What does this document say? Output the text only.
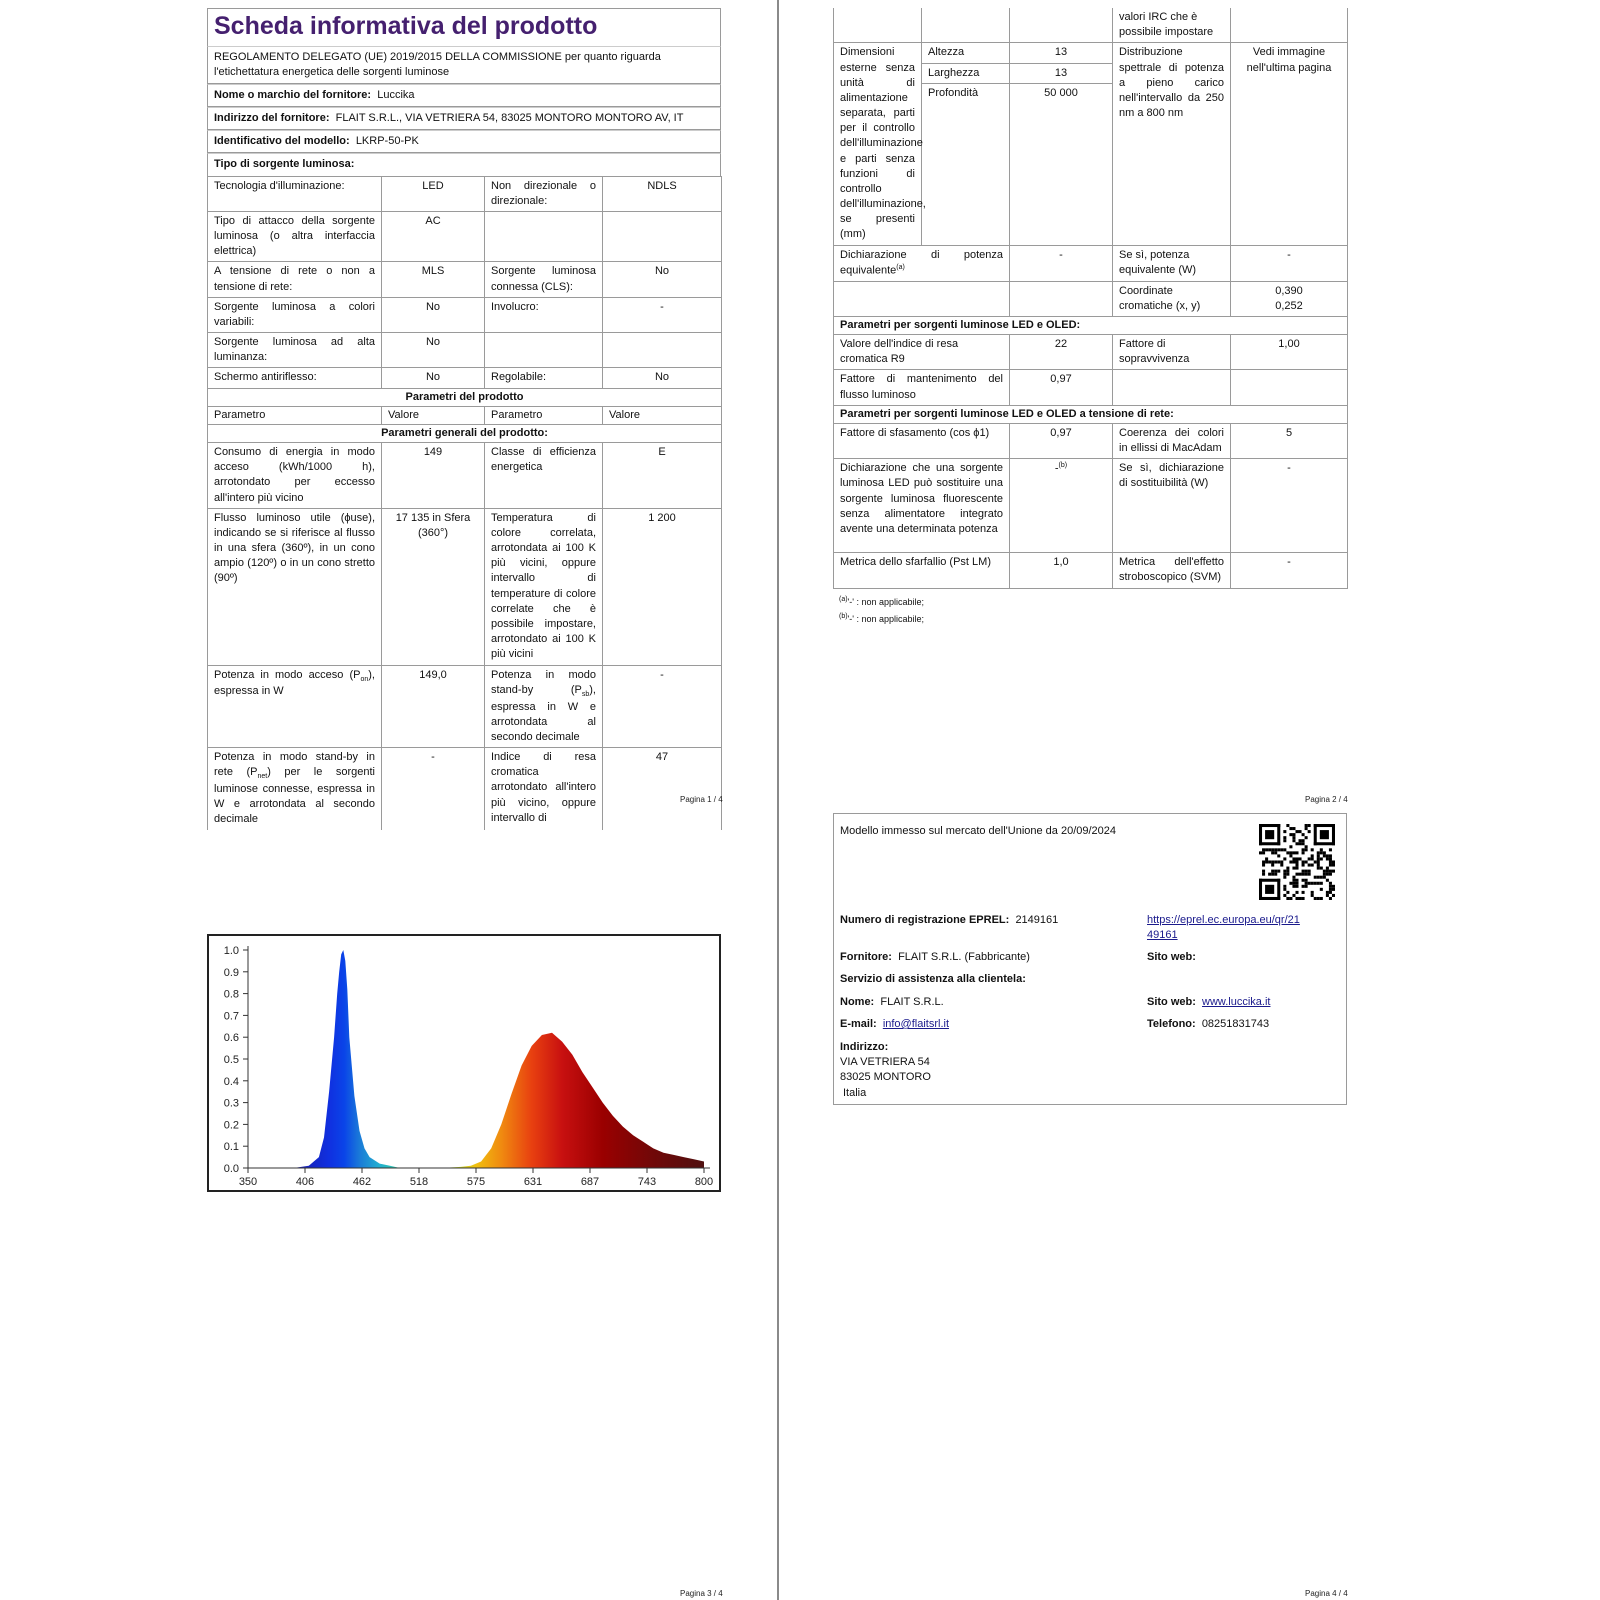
Scheda informativa del prodotto
REGOLAMENTO DELEGATO (UE) 2019/2015 DELLA COMMISSIONE per quanto riguarda l'etichettatura energetica delle sorgenti luminose
Nome o marchio del fornitore: Luccika
Indirizzo del fornitore: FLAIT S.R.L., VIA VETRIERA 54, 83025 MONTORO MONTORO AV, IT
Identificativo del modello: LKRP-50-PK
Tipo di sorgente luminosa:
Tecnologia d'illuminazione:	LED	Non direzionale o direzionale:	NDLS
Tipo di attacco della sorgente luminosa (o altra interfaccia elettrica)	AC		
A tensione di rete o non a tensione di rete:	MLS	Sorgente luminosa connessa (CLS):	No
Sorgente luminosa a colori variabili:	No	Involucro:	-
Sorgente luminosa ad alta luminanza:	No		
Schermo antiriflesso:	No	Regolabile:	No
Parametri del prodotto			
Parametro	Valore	Parametro	Valore
Parametri generali del prodotto:			
Consumo di energia in modo acceso (kWh/1000 h), arrotondato per eccesso all'intero più vicino	149	Classe di efficienza energetica	E
Flusso luminoso utile (ϕuse), indicando se si riferisce al flusso in una sfera (360º), in un cono ampio (120º) o in un cono stretto (90º)	17 135 in Sfera (360°)	Temperatura di colore correlata, arrotondata ai 100 K più vicini, oppure intervallo di temperature di colore correlate che è possibile impostare, arrotondato ai 100 K più vicini	1 200
Potenza in modo acceso $(P_{on})$, espressa in W	149,0	Potenza in modo stand-by $(P_{sb})$, espressa in W e arrotondata al secondo decimale	-
Potenza in modo stand-by in rete $(P_{net})$ per le sorgenti luminose connesse, espressa in W e arrotondata al secondo decimale	-	Indice di resa cromatica arrotondato all'intero più vicino, oppure intervallo di	47
Pagina 1 / 4
			valori IRC che è possibile impostare	
Dimensioni esterne senza unità di alimentazione separata, parti per il controllo dell'illuminazione e parti senza funzioni di controllo dell'illuminazione, se presenti (mm)	Altezza	13	Distribuzione spettrale di potenza a pieno carico nell'intervallo da 250 nm a 800 nm	Vedi immagine nell'ultima pagina
	Larghezza	13		
	Profondità	50 000		
Dichiarazione di potenza equivalente$^{(a)}$		-	Se sì, potenza equivalente (W)	-
			Coordinate cromatiche (x, y)	0,390
0,252

Parametri per sorgenti luminose LED e OLED:				
Valore dell'indice di resa cromatica R9		22	Fattore di sopravvivenza	1,00
Fattore di mantenimento del flusso luminoso		0,97		
Parametri per sorgenti luminose LED e OLED a tensione di rete:				
Fattore di sfasamento (cos ϕ1)		0,97	Coerenza dei colori in ellissi di MacAdam	5
Dichiarazione che una sorgente luminosa LED può sostituire una sorgente luminosa fluorescente senza alimentatore integrato avente una determinata potenza		-$^{(b)}$	Se sì, dichiarazione di sostituibilità (W)	-
Metrica dello sfarfallio (Pst LM)		1,0	Metrica dell'effetto stroboscopico (SVM)	-
$^{(a)}$'-' : non applicabile;
$^{(b)}$'-' : non applicabile;
Pagina 2 / 4
0.0
0.1
0.2
0.3
0.4
0.5
0.6
0.7
0.8
0.9
1.0
350	406	462	518	575	631	687	743	800
Pagina 3 / 4
Modello immesso sul mercato dell'Unione da 20/09/2024
Numero di registrazione EPREL: 2149161	https://eprel.ec.europa.eu/qr/21
49161
Fornitore: FLAIT S.R.L. (Fabbricante)	Sito web:
Servizio di assistenza alla clientela:
Nome: FLAIT S.R.L.	Sito web: www.luccika.it
E-mail: info@flaitsrl.it	Telefono: 08251831743
Indirizzo:
VIA VETRIERA 54
83025 MONTORO
Italia
Pagina 4 / 4
